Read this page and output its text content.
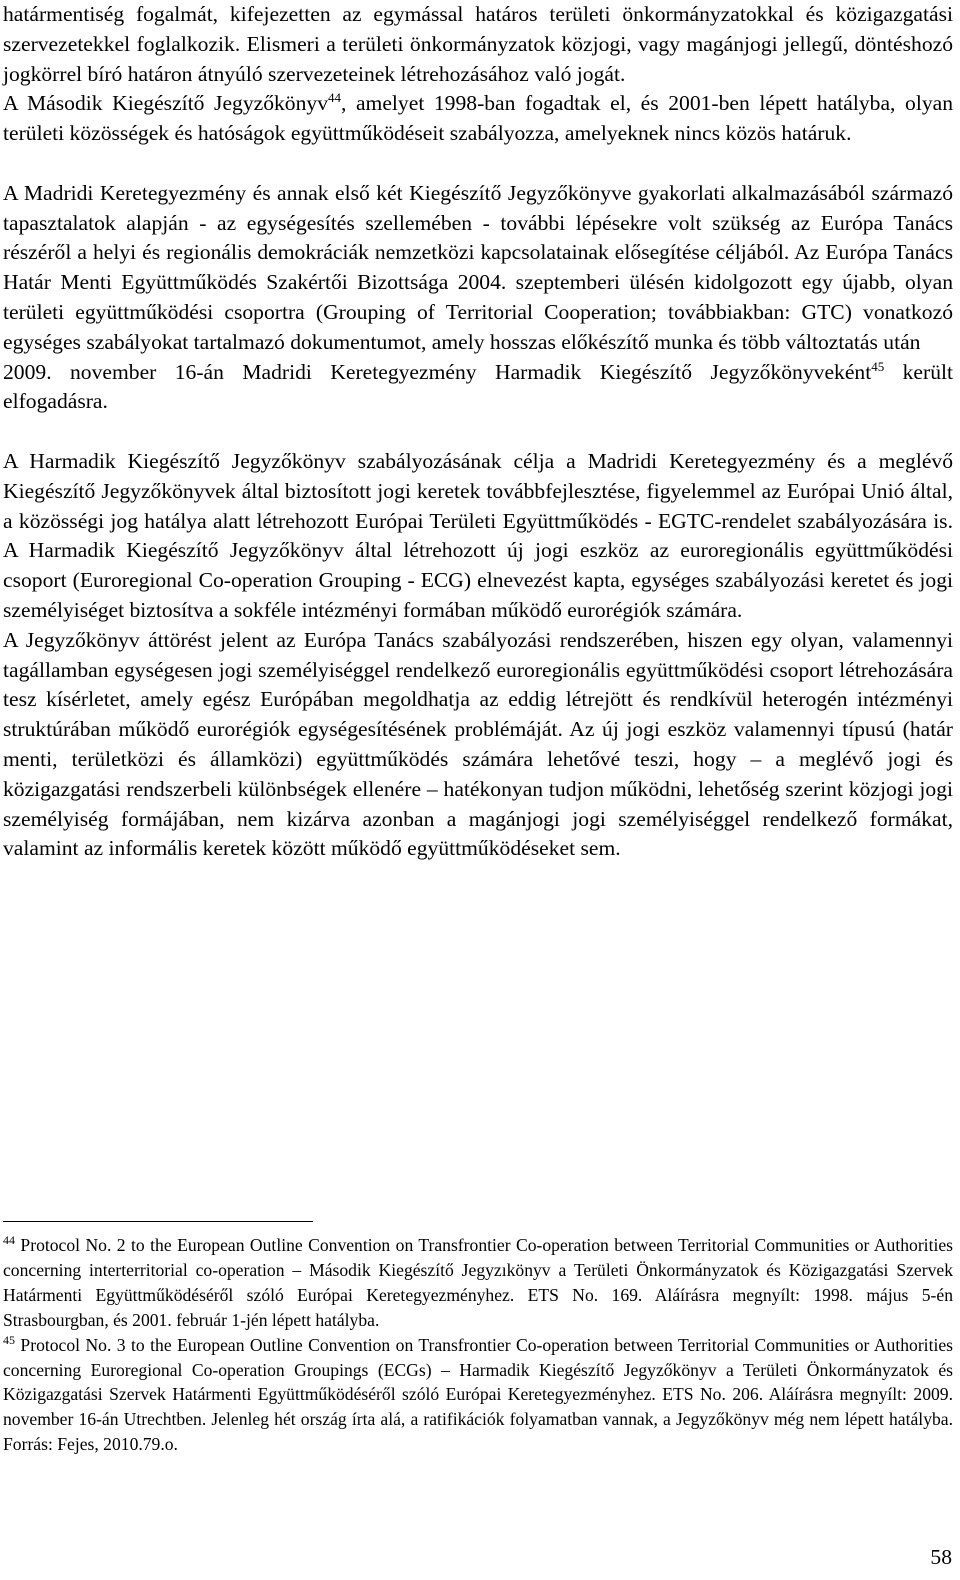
határmentiség fogalmát, kifejezetten az egymással határos területi önkormányzatokkal és közigazgatási szervezetekkel foglalkozik. Elismeri a területi önkormányzatok közjogi, vagy magánjogi jellegű, döntéshozó jogkörrel bíró határon átnyúló szervezeteinek létrehozásához való jogát.

A Második Kiegészítő Jegyzőkönyv$^{44}$, amelyet 1998-ban fogadtak el, és 2001-ben lépett hatályba, olyan területi közösségek és hatóságok együttműködéseit szabályozza, amelyeknek nincs közös határuk.

A Madridi Keretegyezmény és annak első két Kiegészítő Jegyzőkönyve gyakorlati alkalmazásából származó tapasztalatok alapján - az egységesítés szellemében - további lépésekre volt szükség az Európa Tanács részéről a helyi és regionális demokráciák nemzetközi kapcsolatainak elősegítése céljából. Az Európa Tanács Határ Menti Együttműködés Szakértői Bizottsága 2004. szeptemberi ülésén kidolgozott egy újabb, olyan területi együttműködési csoportra (Grouping of Territorial Cooperation; továbbiakban: GTC) vonatkozó egységes szabályokat tartalmazó dokumentumot, amely hosszas előkészítő munka és több változtatás után
2009. november 16-án Madridi Keretegyezmény Harmadik Kiegészítő Jegyzőkönyveként$^{45}$ került elfogadásra.

A Harmadik Kiegészítő Jegyzőkönyv szabályozásának célja a Madridi Keretegyezmény és a meglévő Kiegészítő Jegyzőkönyvek által biztosított jogi keretek továbbfejlesztése, figyelemmel az Európai Unió által, a közösségi jog hatálya alatt létrehozott Európai Területi Együttműködés - EGTC-rendelet szabályozására is. A Harmadik Kiegészítő Jegyzőkönyv által létrehozott új jogi eszköz az euroregionális együttműködési csoport (Euroregional Co-operation Grouping - ECG) elnevezést kapta, egységes szabályozási keretet és jogi személyiséget biztosítva a sokféle intézményi formában működő eurorégiók számára.

A Jegyzőkönyv áttörést jelent az Európa Tanács szabályozási rendszerében, hiszen egy olyan, valamennyi tagállamban egységesen jogi személyiséggel rendelkező euroregionális együttműködési csoport létrehozására tesz kísérletet, amely egész Európában megoldhatja az eddig létrejött és rendkívül heterogén intézményi struktúrában működő eurorégiók egységesítésének problémáját. Az új jogi eszköz valamennyi típusú (határ menti, területközi és államközi) együttműködés számára lehetővé teszi, hogy – a meglévő jogi és közigazgatási rendszerbeli különbségek ellenére – hatékonyan tudjon működni, lehetőség szerint közjogi jogi személyiség formájában, nem kizárva azonban a magánjogi jogi személyiséggel rendelkező formákat, valamint az informális keretek között működő együttműködéseket sem.

$^{44}$ Protocol No. 2 to the European Outline Convention on Transfrontier Co-operation between Territorial Communities or Authorities concerning interterritorial co-operation – Második Kiegészítő Jegyzıkönyv a Területi Önkormányzatok és Közigazgatási Szervek Határmenti Együttműködéséről szóló Európai Keretegyezményhez. ETS No. 169. Aláírásra megnyílt: 1998. május 5-én Strasbourgban, és 2001. február 1-jén lépett hatályba.

$^{45}$ Protocol No. 3 to the European Outline Convention on Transfrontier Co-operation between Territorial Communities or Authorities concerning Euroregional Co-operation Groupings (ECGs) – Harmadik Kiegészítő Jegyzőkönyv a Területi Önkormányzatok és Közigazgatási Szervek Határmenti Együttműködéséről szóló Európai Keretegyezményhez. ETS No. 206. Aláírásra megnyílt: 2009. november 16-án Utrechtben. Jelenleg hét ország írta alá, a ratifikációk folyamatban vannak, a Jegyzőkönyv még nem lépett hatályba. Forrás: Fejes, 2010.79.o.

58
